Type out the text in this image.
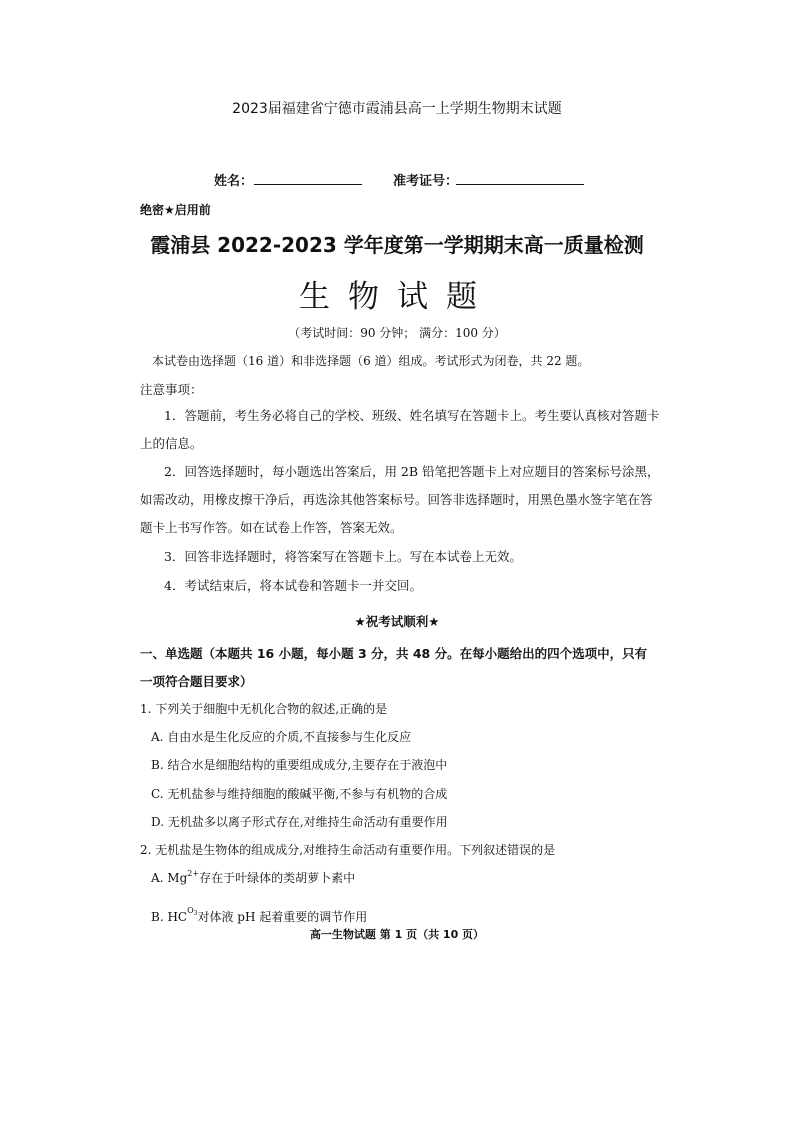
2023届福建省宁德市霞浦县高一上学期生物期末试题
姓名：	准考证号：
绝密★启用前
霞浦县 2022-2023 学年度第一学期期末高一质量检测
生物试题
（考试时间：90 分钟； 满分：100 分）
本试卷由选择题（16 道）和非选择题（6 道）组成。考试形式为闭卷，共 22 题。
注意事项：
1．答题前，考生务必将自己的学校、班级、姓名填写在答题卡上。考生要认真核对答题卡上的信息。
2．回答选择题时，每小题选出答案后，用 2B 铅笔把答题卡上对应题目的答案标号涂黑，如需改动，用橡皮擦干净后，再选涂其他答案标号。回答非选择题时，用黑色墨水签字笔在答题卡上书写作答。如在试卷上作答，答案无效。
3．回答非选择题时，将答案写在答题卡上。写在本试卷上无效。
4．考试结束后，将本试卷和答题卡一并交回。
★祝考试顺利★
一、单选题（本题共 16 小题，每小题 3 分，共 48 分。在每小题给出的四个选项中，只有一项符合题目要求）
1. 下列关于细胞中无机化合物的叙述,正确的是
A. 自由水是生化反应的介质,不直接参与生化反应
B. 结合水是细胞结构的重要组成成分,主要存在于液泡中
C. 无机盐参与维持细胞的酸碱平衡,不参与有机物的合成
D. 无机盐多以离子形式存在,对维持生命活动有重要作用
2. 无机盐是生物体的组成成分,对维持生命活动有重要作用。下列叙述错误的是
A. $Mg^{2+}$存在于叶绿体的类胡萝卜素中
B. $HC^{O_3}$对体液 pH 起着重要的调节作用
高一生物试题 第 1 页（共 10 页）
